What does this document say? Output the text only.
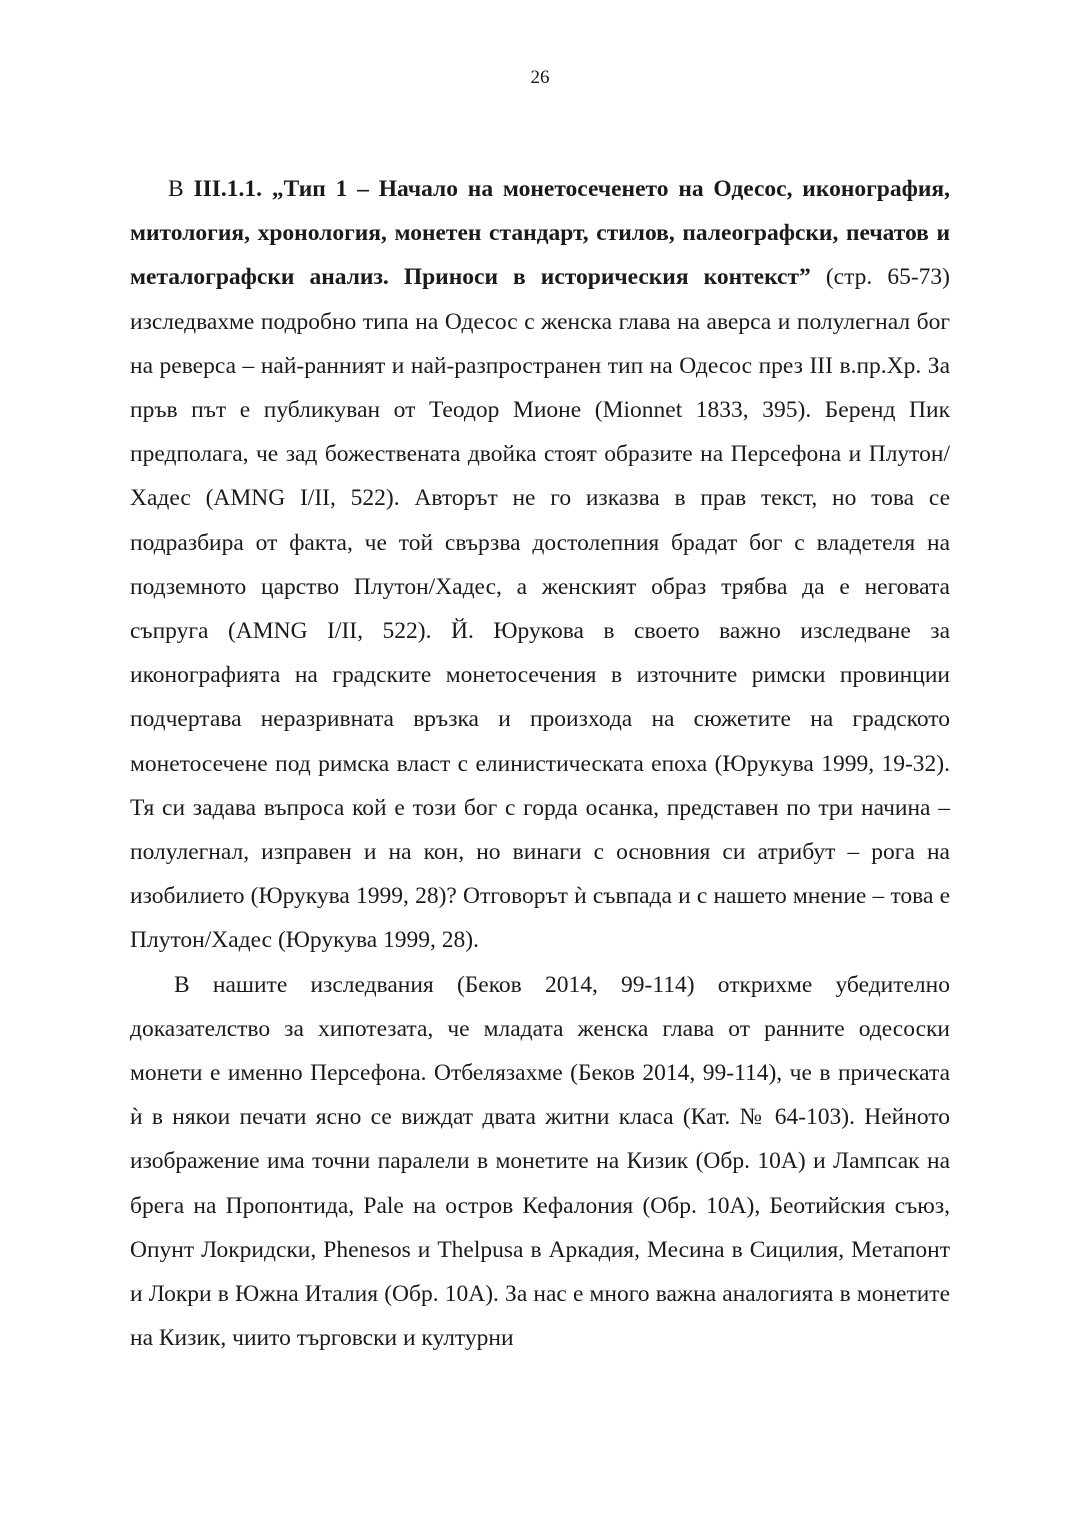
26

В III.1.1. „Тип 1 – Начало на монетосеченето на Одесос, иконография, митология, хронология, монетен стандарт, стилов, палеографски, печатов и металографски анализ. Приноси в историческия контекст” (стр. 65-73) изследвахме подробно типа на Одесос с женска глава на аверса и полулегнал бог на реверса – най-ранният и най-разпространен тип на Одесос през III в.пр.Хр. За пръв път е публикуван от Теодор Мионе (Mionnet 1833, 395). Беренд Пик предполага, че зад божествената двойка стоят образите на Персефона и Плутон/Хадес (AMNG I/II, 522). Авторът не го изказва в прав текст, но това се подразбира от факта, че той свързва достолепния брадат бог с владетеля на подземното царство Плутон/Хадес, а женският образ трябва да е неговата съпруга (AMNG I/II, 522). Й. Юрукова в своето важно изследване за иконографията на градските монетосечения в източните римски провинции подчертава неразривната връзка и произхода на сюжетите на градското монетосечене под римска власт с елинистическата епоха (Юрукува 1999, 19-32). Тя си задава въпроса кой е този бог с горда осанка, представен по три начина – полулегнал, изправен и на кон, но винаги с основния си атрибут – рога на изобилието (Юрукува 1999, 28)? Отговорът ѝ съвпада и с нашето мнение – това е Плутон/Хадес (Юрукува 1999, 28).

В нашите изследвания (Беков 2014, 99-114) открихме убедително доказателство за хипотезата, че младата женска глава от ранните одесоски монети е именно Персефона. Отбелязахме (Беков 2014, 99-114), че в прическата ѝ в някои печати ясно се виждат двата житни класа (Кат. № 64-103). Нейното изображение има точни паралели в монетите на Кизик (Обр. 10А) и Лампсак на брега на Пропонтида, Pale на остров Кефалония (Обр. 10А), Беотийския съюз, Опунт Локридски, Phenesos и Thelpusa в Аркадия, Месина в Сицилия, Метапонт и Локри в Южна Италия (Обр. 10А). За нас е много важна аналогията в монетите на Кизик, чиито търговски и културни
